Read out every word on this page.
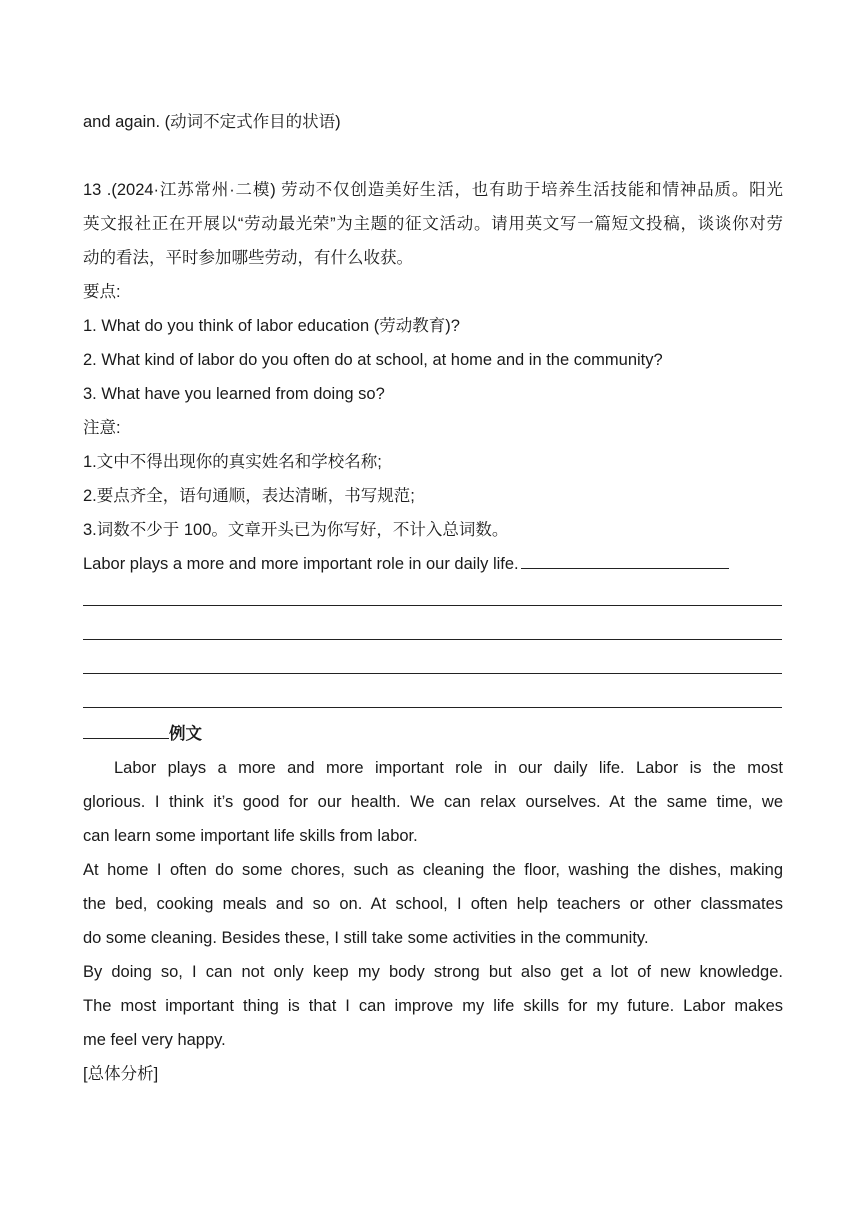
and again. (动词不定式作目的状语)
13 .(2024·江苏常州·二模) 劳动不仅创造美好生活，也有助于培养生活技能和情神品质。阳光
英文报社正在开展以“劳动最光荣”为主题的征文活动。请用英文写一篇短文投稿，谈谈你对劳
动的看法，平时参加哪些劳动，有什么收获。
要点:
1. What do you think of labor education (劳动教育)?
2. What kind of labor do you often do at school, at home and in the community?
3. What have you learned from doing so?
注意:
1.文中不得出现你的真实姓名和学校名称;
2.要点齐全，语句通顺，表达清晰，书写规范;
3.词数不少于 100。文章开头已为你写好，不计入总词数。
Labor plays a more and more important role in our daily life.
例文
Labor plays a more and more important role in our daily life. Labor is the most
glorious. I think it’s good for our health. We can relax ourselves. At the same time, we
can learn some important life skills from labor.
At home I often do some chores, such as cleaning the floor, washing the dishes, making
the bed, cooking meals and so on. At school, I often help teachers or other classmates
do some cleaning. Besides these, I still take some activities in the community.
By doing so, I can not only keep my body strong but also get a lot of new knowledge.
The most important thing is that I can improve my life skills for my future. Labor makes
me feel very happy.
[总体分析]
